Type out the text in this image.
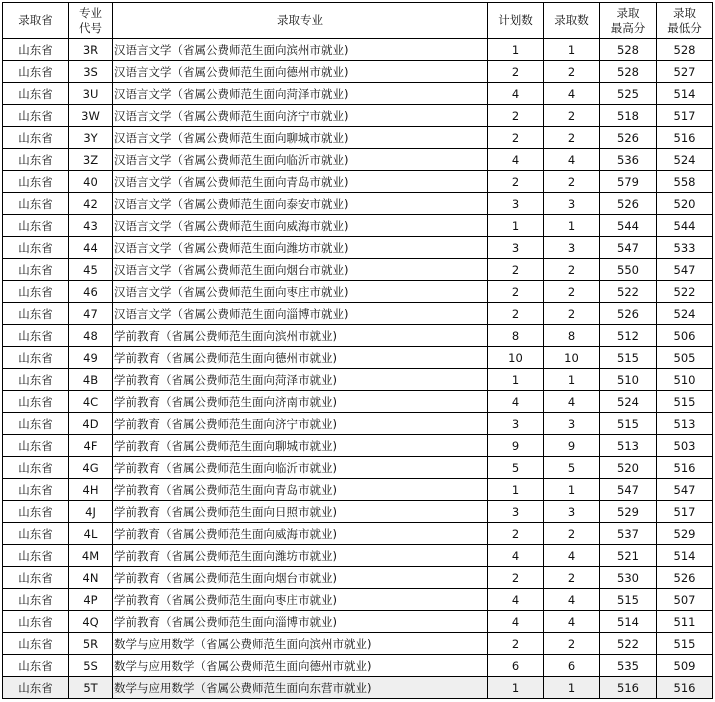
录取省	专业
代号	录取专业	计划数	录取数	录取
最高分	录取
最低分
山东省	3R	汉语言文学（省属公费师范生面向滨州市就业)	1	1	528	528
山东省	3S	汉语言文学（省属公费师范生面向德州市就业)	2	2	528	527
山东省	3U	汉语言文学（省属公费师范生面向菏泽市就业)	4	4	525	514
山东省	3W	汉语言文学（省属公费师范生面向济宁市就业)	2	2	518	517
山东省	3Y	汉语言文学（省属公费师范生面向聊城市就业)	2	2	526	516
山东省	3Z	汉语言文学（省属公费师范生面向临沂市就业)	4	4	536	524
山东省	40	汉语言文学（省属公费师范生面向青岛市就业)	2	2	579	558
山东省	42	汉语言文学（省属公费师范生面向泰安市就业)	3	3	526	520
山东省	43	汉语言文学（省属公费师范生面向威海市就业)	1	1	544	544
山东省	44	汉语言文学（省属公费师范生面向潍坊市就业)	3	3	547	533
山东省	45	汉语言文学（省属公费师范生面向烟台市就业)	2	2	550	547
山东省	46	汉语言文学（省属公费师范生面向枣庄市就业)	2	2	522	522
山东省	47	汉语言文学（省属公费师范生面向淄博市就业)	2	2	526	524
山东省	48	学前教育（省属公费师范生面向滨州市就业)	8	8	512	506
山东省	49	学前教育（省属公费师范生面向德州市就业)	10	10	515	505
山东省	4B	学前教育（省属公费师范生面向菏泽市就业)	1	1	510	510
山东省	4C	学前教育（省属公费师范生面向济南市就业)	4	4	524	515
山东省	4D	学前教育（省属公费师范生面向济宁市就业)	3	3	515	513
山东省	4F	学前教育（省属公费师范生面向聊城市就业)	9	9	513	503
山东省	4G	学前教育（省属公费师范生面向临沂市就业)	5	5	520	516
山东省	4H	学前教育（省属公费师范生面向青岛市就业)	1	1	547	547
山东省	4J	学前教育（省属公费师范生面向日照市就业)	3	3	529	517
山东省	4L	学前教育（省属公费师范生面向威海市就业)	2	2	537	529
山东省	4M	学前教育（省属公费师范生面向潍坊市就业)	4	4	521	514
山东省	4N	学前教育（省属公费师范生面向烟台市就业)	2	2	530	526
山东省	4P	学前教育（省属公费师范生面向枣庄市就业)	4	4	515	507
山东省	4Q	学前教育（省属公费师范生面向淄博市就业)	4	4	514	511
山东省	5R	数学与应用数学（省属公费师范生面向滨州市就业)	2	2	522	515
山东省	5S	数学与应用数学（省属公费师范生面向德州市就业)	6	6	535	509
山东省	5T	数学与应用数学（省属公费师范生面向东营市就业)	1	1	516	516
